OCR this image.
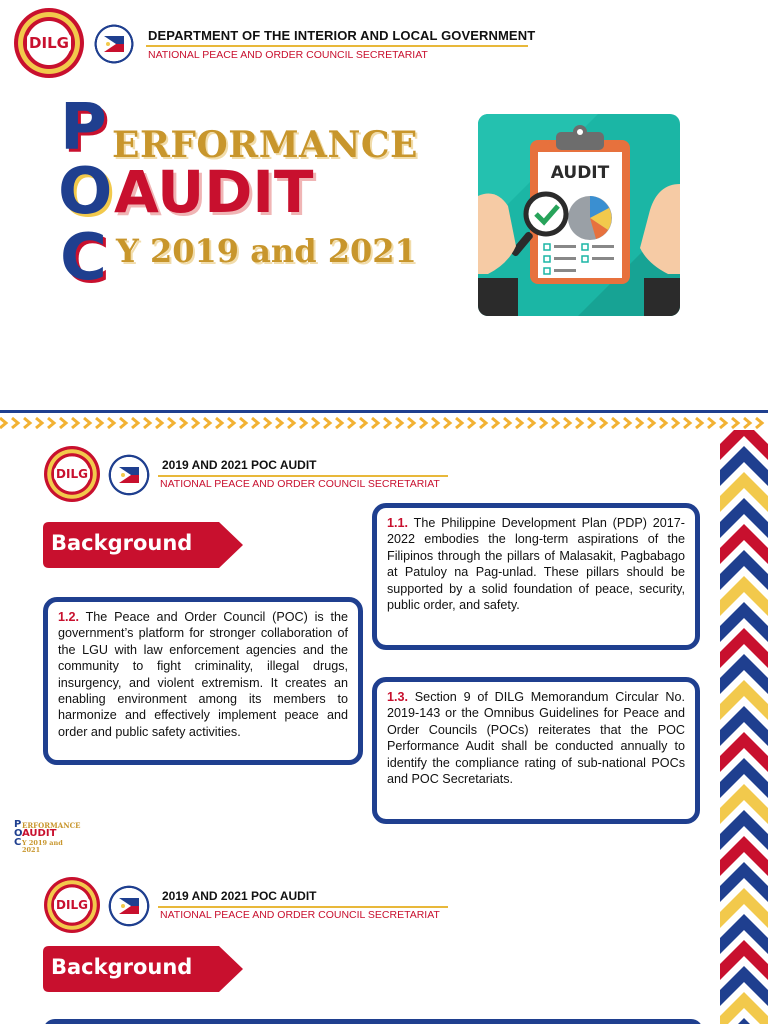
DILG	DEPARTMENT OF THE INTERIOR AND LOCAL GOVERNMENT
NATIONAL PEACE AND ORDER COUNCIL SECRETARIAT
P
O
C
ERFORMANCE
AUDIT
Y 2019 and 2021
AUDIT
DILG
2019 AND 2021 POC AUDIT
NATIONAL PEACE AND ORDER COUNCIL SECRETARIAT
Background
1.1. The Philippine Development Plan (PDP) 2017-2022 embodies the long-term aspirations of the Filipinos through the pillars of Malasakit, Pagbabago at Patuloy na Pag-unlad. These pillars should be supported by a solid foundation of peace, security, public order, and safety.
1.2. The Peace and Order Council (POC) is the government’s platform for stronger collaboration of the LGU with law enforcement agencies and the community to fight criminality, illegal drugs, insurgency, and violent extremism. It creates an enabling environment among its members to harmonize and effectively implement peace and order and public safety activities.
1.3. Section 9 of DILG Memorandum Circular No. 2019-143 or the Omnibus Guidelines for Peace and Order Councils (POCs) reiterates that the POC Performance Audit shall be conducted annually to identify the compliance rating of sub-national POCs and POC Secretariats.
P
O
C
ERFORMANCE
AUDIT
Y 2019 and 2021
DILG
2019 AND 2021 POC AUDIT
NATIONAL PEACE AND ORDER COUNCIL SECRETARIAT
Background
